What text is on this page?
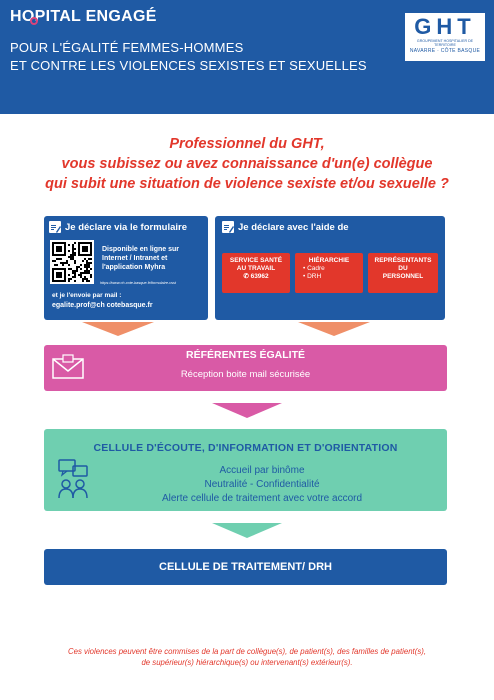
HOPITAL ENGAGÉ
POUR L'ÉGALITÉ FEMMES-HOMMES
ET CONTRE LES VIOLENCES SEXISTES ET SEXUELLES
GHT
GROUPEMENT HOSPITALIER DE TERRITOIRE
NAVARRE · CÔTE BASQUE
Professionnel du GHT,
vous subissez ou avez connaissance d'un(e) collègue
qui subit une situation de violence sexiste et/ou sexuelle ?
Je déclare via le formulaire
Disponible en ligne sur
Internet / Intranet et
l'application Myhra
https://www.ch-cote-basque.fr/formulaire-vsst
et je l'envoie par mail :
egalite.prof@ch cotebasque.fr
Je déclare avec l'aide de
SERVICE SANTÉ
AU TRAVAIL
✆ 63962
HIÉRARCHIE
• Cadre
• DRH
REPRÉSENTANTS
DU
PERSONNEL
RÉFÉRENTES ÉGALITÉ
Réception boite mail sécurisée
CELLULE D'ÉCOUTE, D'INFORMATION ET D'ORIENTATION
Accueil par binôme
Neutralité - Confidentialité
Alerte cellule de traitement avec votre accord
CELLULE DE TRAITEMENT/ DRH
Ces violences peuvent être commises de la part de collègue(s), de patient(s), des familles de patient(s),
de supérieur(s) hiérarchique(s) ou intervenant(s) extérieur(s).
